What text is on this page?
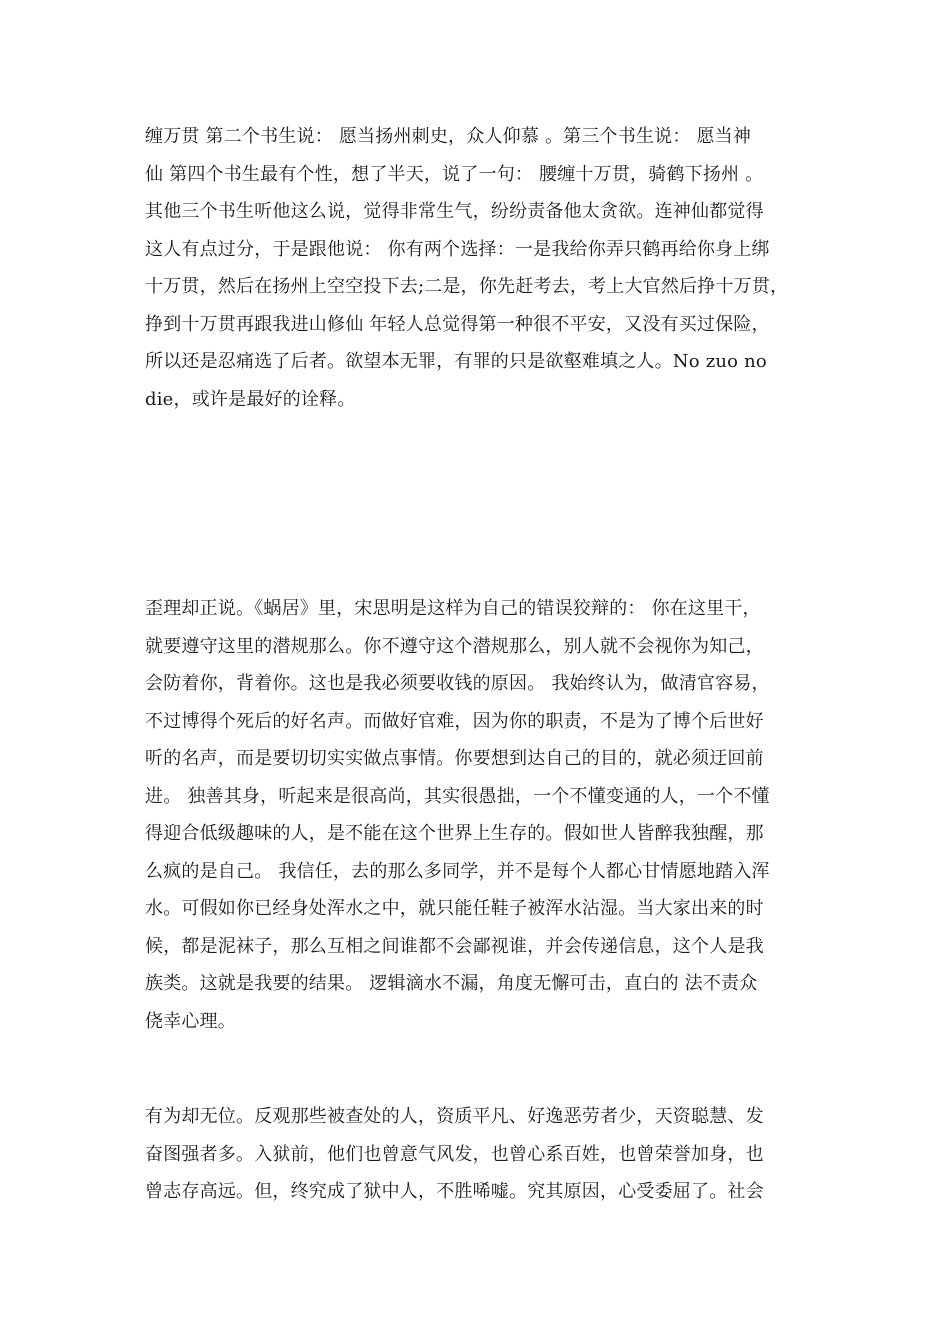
缠万贯 第二个书生说： 愿当扬州刺史，众人仰慕 。第三个书生说： 愿当神
仙 第四个书生最有个性，想了半天，说了一句： 腰缠十万贯，骑鹤下扬州 。
其他三个书生听他这么说，觉得非常生气，纷纷责备他太贪欲。连神仙都觉得
这人有点过分，于是跟他说： 你有两个选择：一是我给你弄只鹤再给你身上绑
十万贯，然后在扬州上空空投下去;二是，你先赶考去，考上大官然后挣十万贯，
挣到十万贯再跟我进山修仙 年轻人总觉得第一种很不平安，又没有买过保险，
所以还是忍痛选了后者。欲望本无罪，有罪的只是欲壑难填之人。No zuo no
die，或许是最好的诠释。
歪理却正说。《蜗居》里，宋思明是这样为自己的错误狡辩的： 你在这里干，
就要遵守这里的潜规那么。你不遵守这个潜规那么，别人就不会视你为知己，
会防着你，背着你。这也是我必须要收钱的原因。 我始终认为，做清官容易，
不过博得个死后的好名声。而做好官难，因为你的职责，不是为了博个后世好
听的名声，而是要切切实实做点事情。你要想到达自己的目的，就必须迂回前
进。 独善其身，听起来是很高尚，其实很愚拙，一个不懂变通的人，一个不懂
得迎合低级趣味的人，是不能在这个世界上生存的。假如世人皆醉我独醒，那
么疯的是自己。 我信任，去的那么多同学，并不是每个人都心甘情愿地踏入浑
水。可假如你已经身处浑水之中，就只能任鞋子被浑水沾湿。当大家出来的时
候，都是泥袜子，那么互相之间谁都不会鄙视谁，并会传递信息，这个人是我
族类。这就是我要的结果。 逻辑滴水不漏，角度无懈可击，直白的 法不责众
侥幸心理。
有为却无位。反观那些被查处的人，资质平凡、好逸恶劳者少，天资聪慧、发
奋图强者多。入狱前，他们也曾意气风发，也曾心系百姓，也曾荣誉加身，也
曾志存高远。但，终究成了狱中人，不胜唏嘘。究其原因，心受委屈了。社会
